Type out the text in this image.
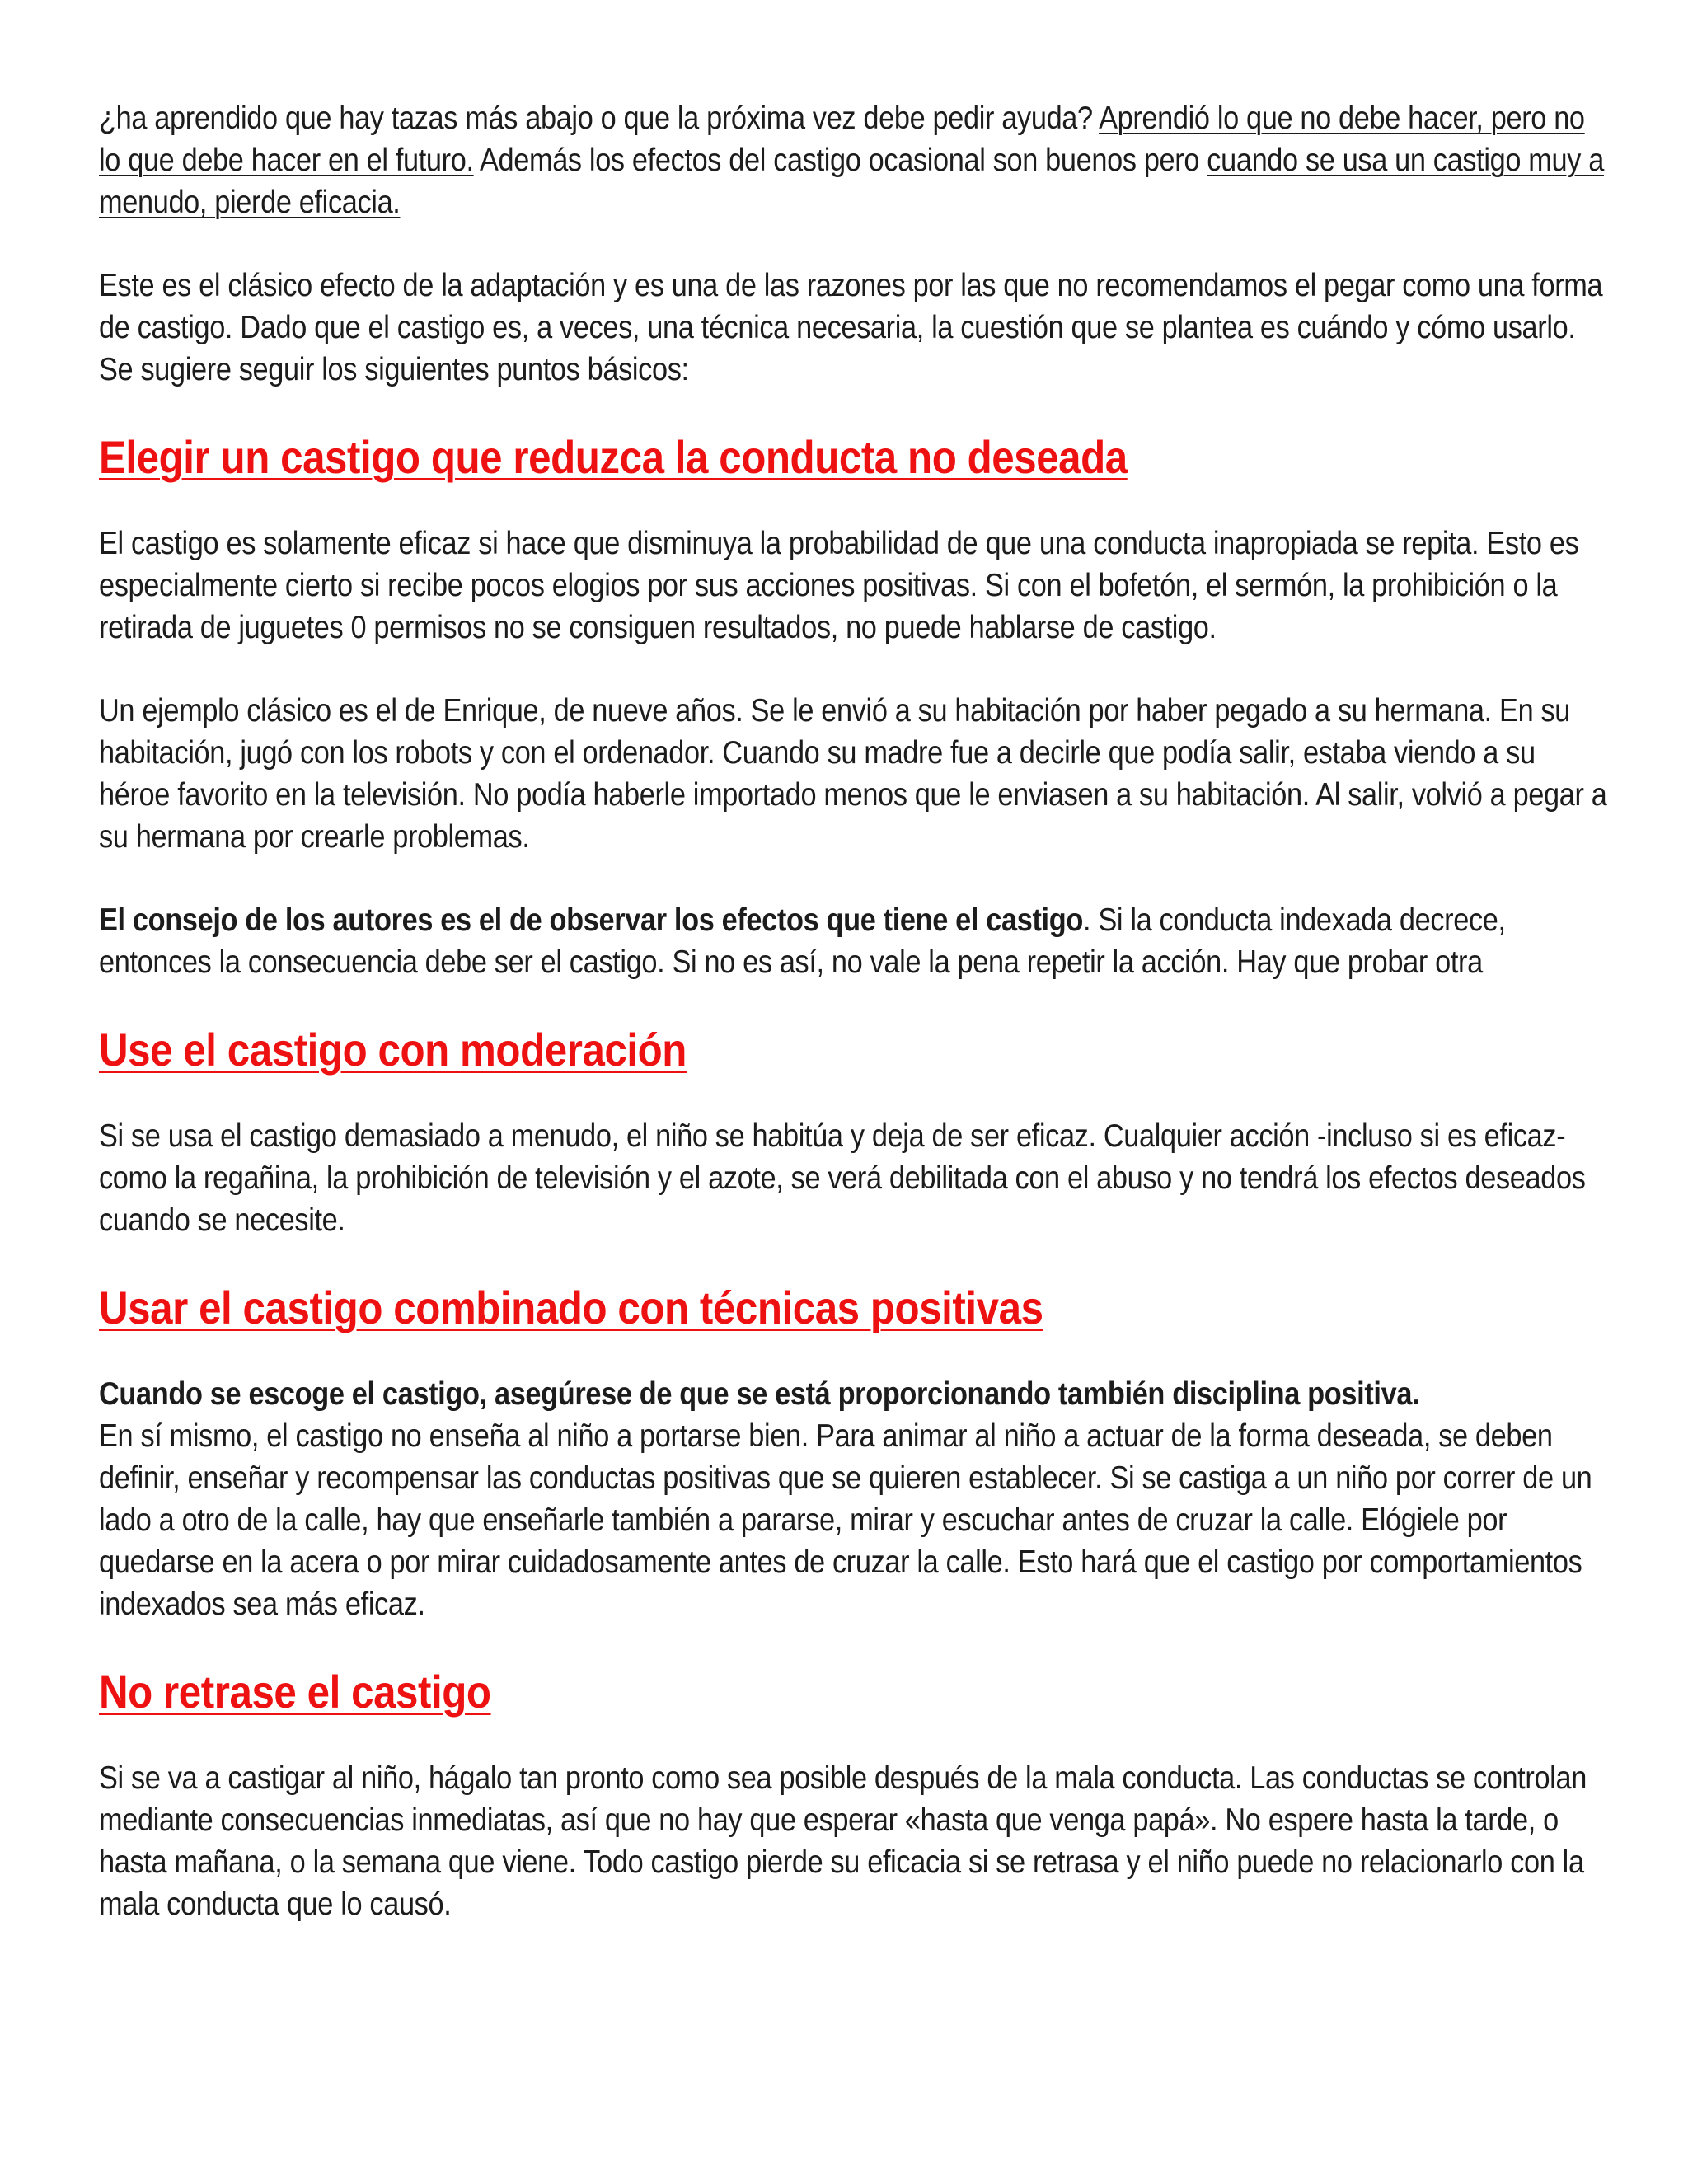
¿ha aprendido que hay tazas más abajo o que la próxima vez debe pedir ayuda? Aprendió lo que no debe hacer, pero no lo que debe hacer en el futuro. Además los efectos del castigo ocasional son buenos pero cuando se usa un castigo muy a menudo, pierde eficacia.

Este es el clásico efecto de la adaptación y es una de las razones por las que no recomendamos el pegar como una forma de castigo. Dado que el castigo es, a veces, una técnica necesaria, la cuestión que se plantea es cuándo y cómo usarlo. Se sugiere seguir los siguientes puntos básicos:

Elegir un castigo que reduzca la conducta no deseada

El castigo es solamente eficaz si hace que disminuya la probabilidad de que una conducta inapropiada se repita. Esto es especialmente cierto si recibe pocos elogios por sus acciones positivas. Si con el bofetón, el sermón, la prohibición o la retirada de juguetes 0 permisos no se consiguen resultados, no puede hablarse de castigo.

Un ejemplo clásico es el de Enrique, de nueve años. Se le envió a su habitación por haber pegado a su hermana. En su habitación, jugó con los robots y con el ordenador. Cuando su madre fue a decirle que podía salir, estaba viendo a su héroe favorito en la televisión. No podía haberle importado menos que le enviasen a su habitación. Al salir, volvió a pegar a su hermana por crearle problemas.

El consejo de los autores es el de observar los efectos que tiene el castigo. Si la conducta indexada decrece, entonces la consecuencia debe ser el castigo. Si no es así, no vale la pena repetir la acción. Hay que probar otra

Use el castigo con moderación

Si se usa el castigo demasiado a menudo, el niño se habitúa y deja de ser eficaz. Cualquier acción -incluso si es eficaz- como la regañina, la prohibición de televisión y el azote, se verá debilitada con el abuso y no tendrá los efectos deseados cuando se necesite.

Usar el castigo combinado con técnicas positivas

Cuando se escoge el castigo, asegúrese de que se está proporcionando también disciplina positiva.
En sí mismo, el castigo no enseña al niño a portarse bien. Para animar al niño a actuar de la forma deseada, se deben definir, enseñar y recompensar las conductas positivas que se quieren establecer. Si se castiga a un niño por correr de un lado a otro de la calle, hay que enseñarle también a pararse, mirar y escuchar antes de cruzar la calle. Elógiele por quedarse en la acera o por mirar cuidadosamente antes de cruzar la calle. Esto hará que el castigo por comportamientos indexados sea más eficaz.

No retrase el castigo

Si se va a castigar al niño, hágalo tan pronto como sea posible después de la mala conducta. Las conductas se controlan mediante consecuencias inmediatas, así que no hay que esperar «hasta que venga papá». No espere hasta la tarde, o hasta mañana, o la semana que viene. Todo castigo pierde su eficacia si se retrasa y el niño puede no relacionarlo con la mala conducta que lo causó.
